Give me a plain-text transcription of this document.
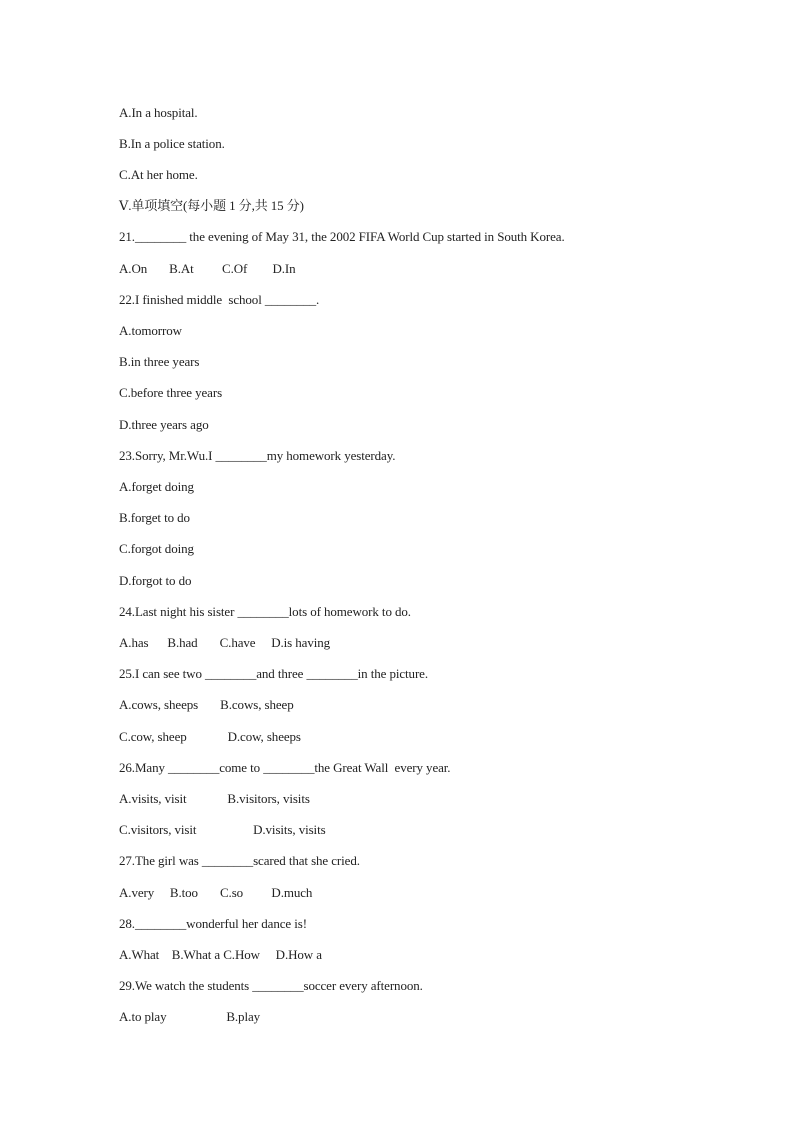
A.In a hospital.
B.In a police station.
C.At her home.
Ⅴ.单项填空(每小题 1 分,共 15 分)
21.________ the evening of May 31, the 2002 FIFA World Cup started in South Korea.
A.On       B.At         C.Of        D.In
22.I finished middle  school ________.
A.tomorrow
B.in three years
C.before three years
D.three years ago
23.Sorry, Mr.Wu.I ________my homework yesterday.
A.forget doing
B.forget to do
C.forgot doing
D.forgot to do
24.Last night his sister ________lots of homework to do.
A.has      B.had       C.have     D.is having
25.I can see two ________and three ________in the picture.
A.cows, sheeps       B.cows, sheep
C.cow, sheep             D.cow, sheeps
26.Many ________come to ________the Great Wall  every year.
A.visits, visit             B.visitors, visits
C.visitors, visit                  D.visits, visits
27.The girl was ________scared that she cried.
A.very     B.too       C.so         D.much
28.________wonderful her dance is!
A.What    B.What a C.How     D.How a
29.We watch the students ________soccer every afternoon.
A.to play                   B.play
